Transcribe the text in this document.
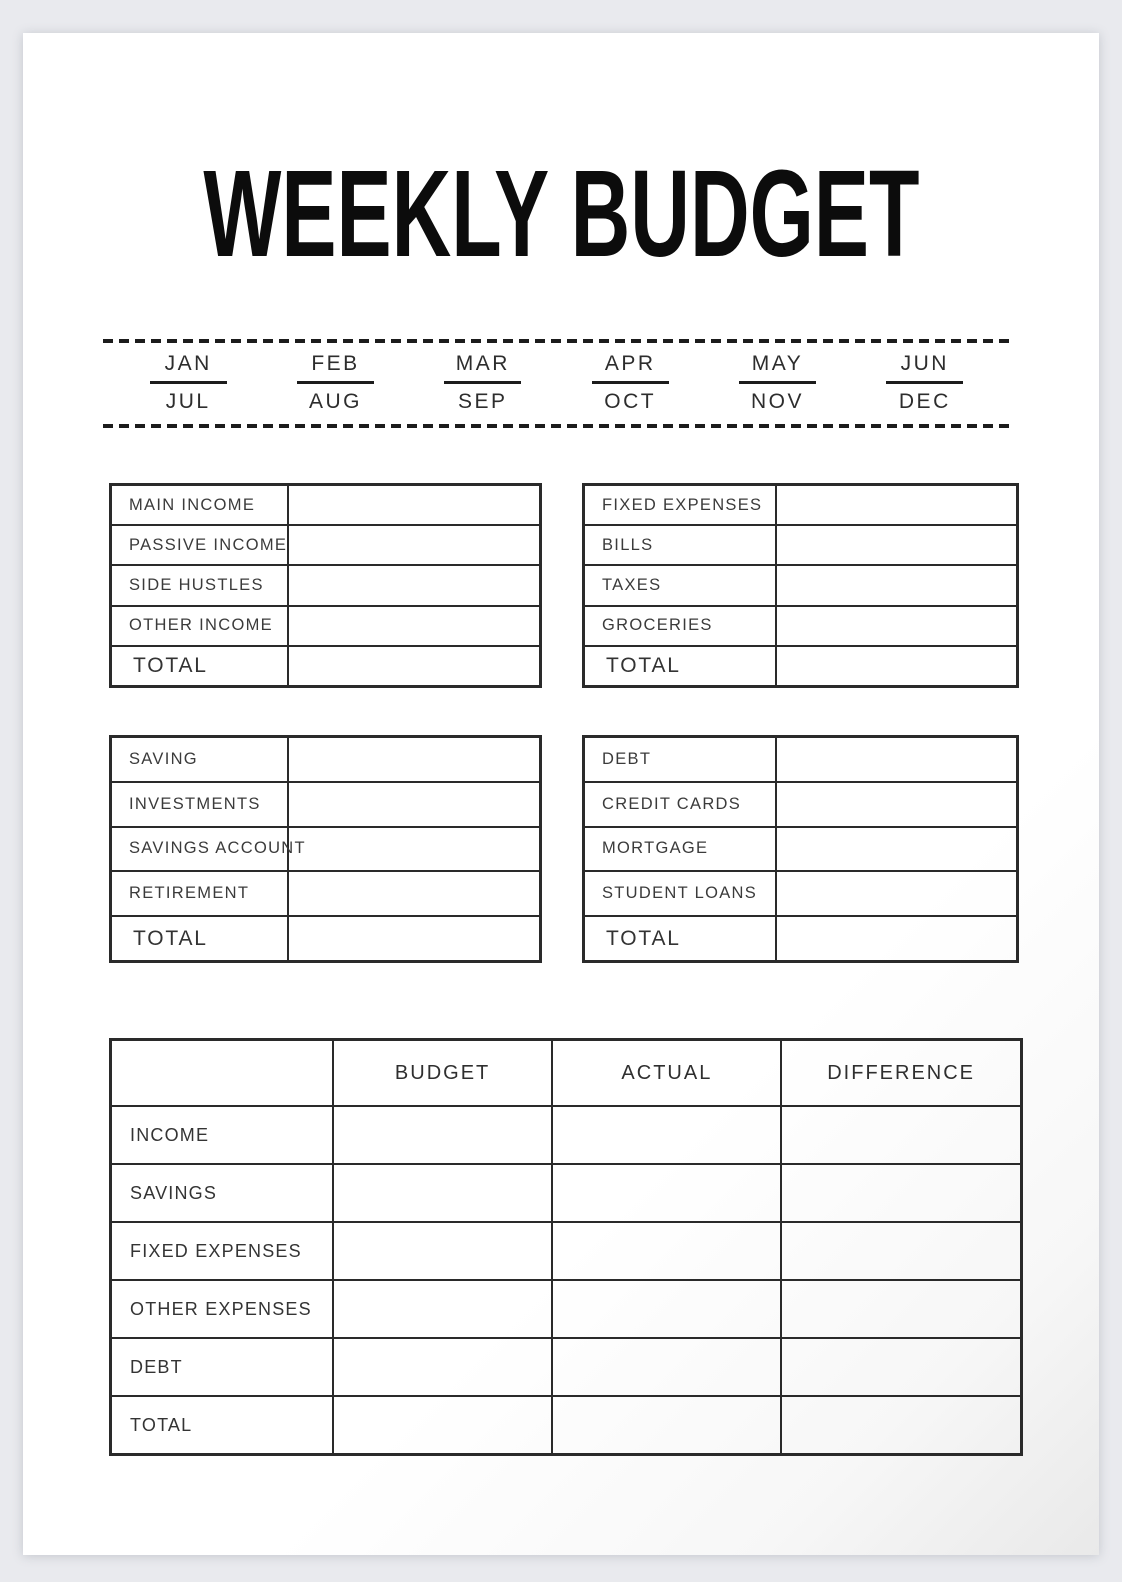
WEEKLY BUDGET
JAN
JUL
FEB
AUG
MAR
SEP
APR
OCT
MAY
NOV
JUN
DEC
MAIN INCOME
PASSIVE INCOME
SIDE HUSTLES
OTHER INCOME
TOTAL
FIXED EXPENSES
BILLS
TAXES
GROCERIES
TOTAL
SAVING
INVESTMENTS
SAVINGS ACCOUNT
RETIREMENT
TOTAL
DEBT
CREDIT CARDS
MORTGAGE
STUDENT LOANS
TOTAL
BUDGET	ACTUAL	DIFFERENCE
INCOME
SAVINGS
FIXED EXPENSES
OTHER EXPENSES
DEBT
TOTAL
